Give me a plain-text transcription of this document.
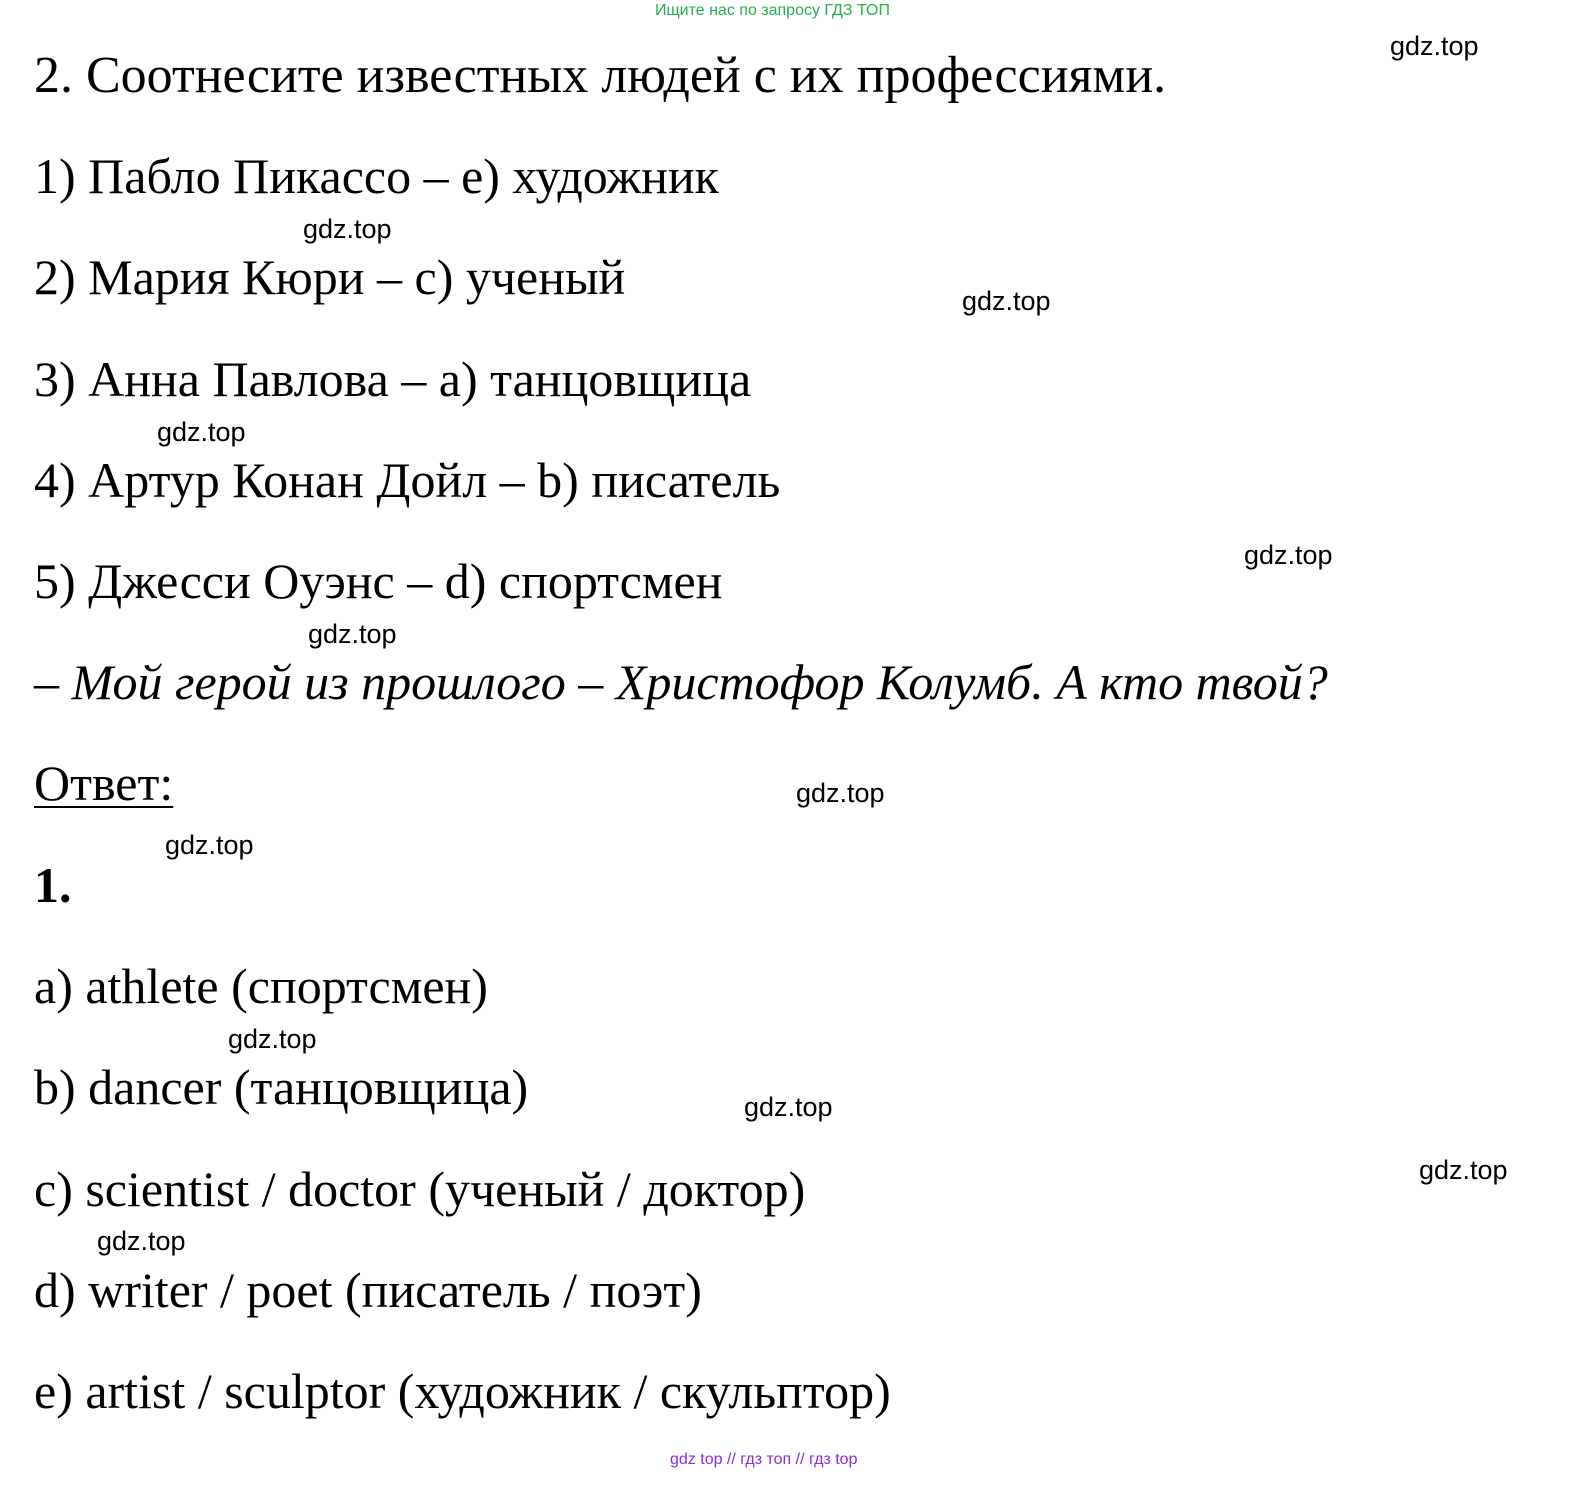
Ищите нас по запросу ГДЗ ТОП
2. Соотнесите известных людей с их профессиями.
1) Пабло Пикассо – e) художник
2) Мария Кюри – c) ученый
3) Анна Павлова – a) танцовщица
4) Артур Конан Дойл – b) писатель
5) Джесси Оуэнс – d) спортсмен
– Мой герой из прошлого – Христофор Колумб. А кто твой?
Ответ:
1.
a) athlete (спортсмен)
b) dancer (танцовщица)
c) scientist / doctor (ученый / доктор)
d) writer / poet (писатель / поэт)
e) artist / sculptor (художник / скульптор)
gdz.top
gdz.top
gdz.top
gdz.top
gdz.top
gdz.top
gdz.top
gdz.top
gdz.top
gdz.top
gdz.top
gdz.top
gdz top // гдз топ // гдз top
